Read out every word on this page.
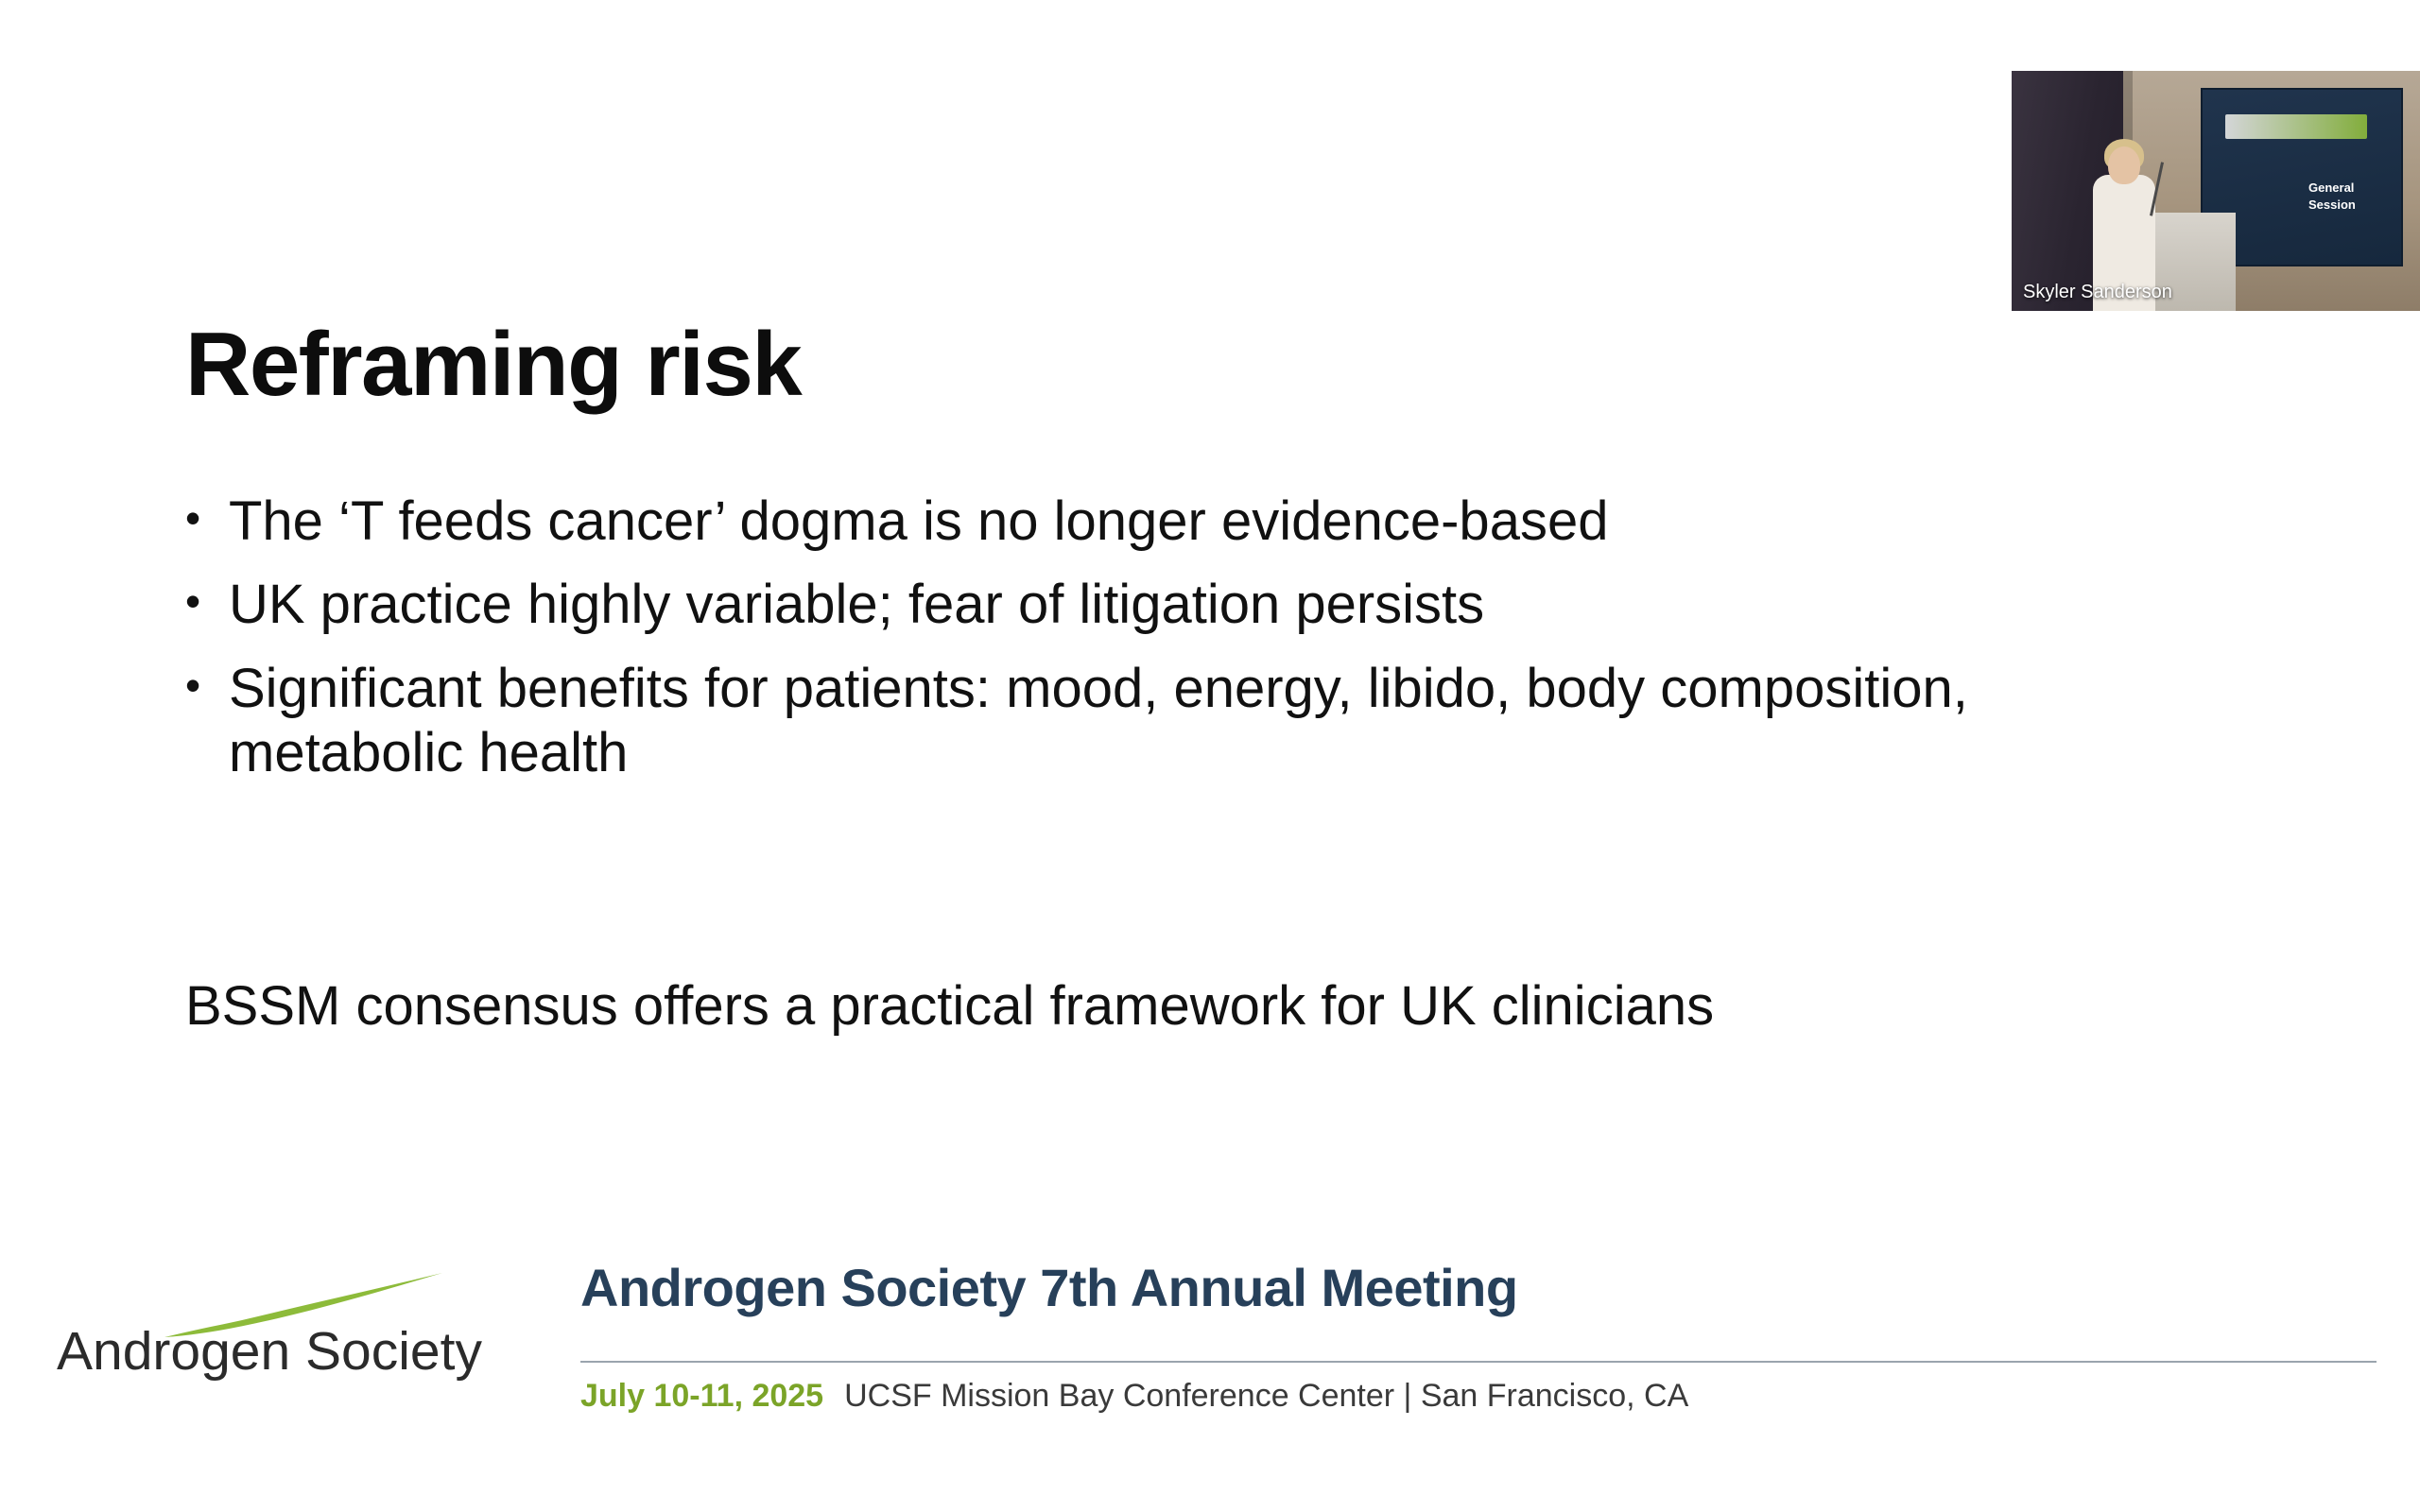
Reframing risk
• The ‘T feeds cancer’ dogma is no longer evidence-based
• UK practice highly variable; fear of litigation persists
• Significant benefits for patients: mood, energy, libido, body composition, metabolic health
BSSM consensus offers a practical framework for UK clinicians
Androgen Society
Androgen Society 7th Annual Meeting
July 10-11, 2025 UCSF Mission Bay Conference Center | San Francisco, CA
General
Session
Skyler Sanderson
